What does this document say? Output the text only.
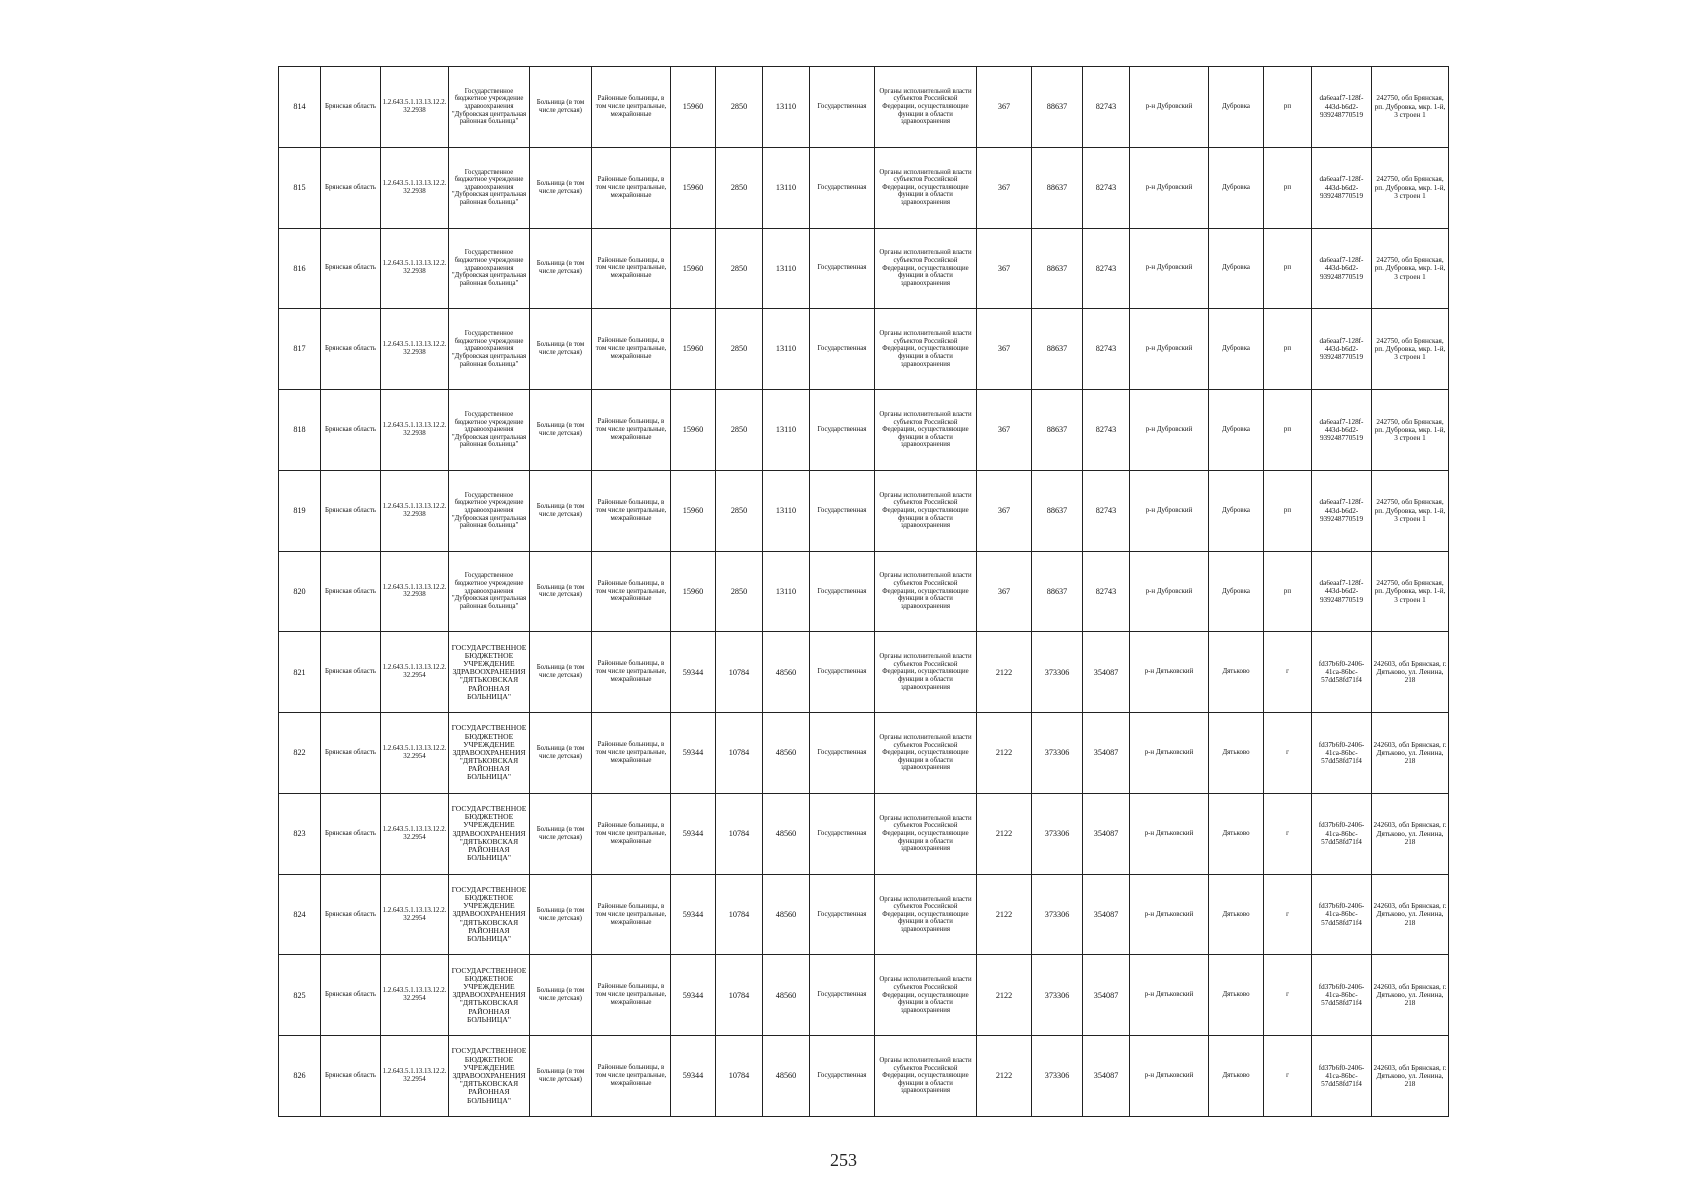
814	Брянская область	1.2.643.5.1.13.13.12.2.32.2938	Государственное бюджетное учреждение здравоохранения "Дубровская центральная районная больница"	Больница (в том числе детская)	Районные больницы, в том числе центральные, межрайонные	15960	2850	13110	Государственная	Органы исполнительной власти субъектов Российской Федерации, осуществляющие функции в области здравоохранения	367	88637	82743	р-н Дубровский	Дубровка	рп	da6eaaf7-128f-443d-b6d2-939248770519	242750, обл Брянская, рп. Дубровка, мкр. 1-й, 3 строен 1
815	Брянская область	1.2.643.5.1.13.13.12.2.32.2938	Государственное бюджетное учреждение здравоохранения "Дубровская центральная районная больница"	Больница (в том числе детская)	Районные больницы, в том числе центральные, межрайонные	15960	2850	13110	Государственная	Органы исполнительной власти субъектов Российской Федерации, осуществляющие функции в области здравоохранения	367	88637	82743	р-н Дубровский	Дубровка	рп	da6eaaf7-128f-443d-b6d2-939248770519	242750, обл Брянская, рп. Дубровка, мкр. 1-й, 3 строен 1
816	Брянская область	1.2.643.5.1.13.13.12.2.32.2938	Государственное бюджетное учреждение здравоохранения "Дубровская центральная районная больница"	Больница (в том числе детская)	Районные больницы, в том числе центральные, межрайонные	15960	2850	13110	Государственная	Органы исполнительной власти субъектов Российской Федерации, осуществляющие функции в области здравоохранения	367	88637	82743	р-н Дубровский	Дубровка	рп	da6eaaf7-128f-443d-b6d2-939248770519	242750, обл Брянская, рп. Дубровка, мкр. 1-й, 3 строен 1
817	Брянская область	1.2.643.5.1.13.13.12.2.32.2938	Государственное бюджетное учреждение здравоохранения "Дубровская центральная районная больница"	Больница (в том числе детская)	Районные больницы, в том числе центральные, межрайонные	15960	2850	13110	Государственная	Органы исполнительной власти субъектов Российской Федерации, осуществляющие функции в области здравоохранения	367	88637	82743	р-н Дубровский	Дубровка	рп	da6eaaf7-128f-443d-b6d2-939248770519	242750, обл Брянская, рп. Дубровка, мкр. 1-й, 3 строен 1
818	Брянская область	1.2.643.5.1.13.13.12.2.32.2938	Государственное бюджетное учреждение здравоохранения "Дубровская центральная районная больница"	Больница (в том числе детская)	Районные больницы, в том числе центральные, межрайонные	15960	2850	13110	Государственная	Органы исполнительной власти субъектов Российской Федерации, осуществляющие функции в области здравоохранения	367	88637	82743	р-н Дубровский	Дубровка	рп	da6eaaf7-128f-443d-b6d2-939248770519	242750, обл Брянская, рп. Дубровка, мкр. 1-й, 3 строен 1
819	Брянская область	1.2.643.5.1.13.13.12.2.32.2938	Государственное бюджетное учреждение здравоохранения "Дубровская центральная районная больница"	Больница (в том числе детская)	Районные больницы, в том числе центральные, межрайонные	15960	2850	13110	Государственная	Органы исполнительной власти субъектов Российской Федерации, осуществляющие функции в области здравоохранения	367	88637	82743	р-н Дубровский	Дубровка	рп	da6eaaf7-128f-443d-b6d2-939248770519	242750, обл Брянская, рп. Дубровка, мкр. 1-й, 3 строен 1
820	Брянская область	1.2.643.5.1.13.13.12.2.32.2938	Государственное бюджетное учреждение здравоохранения "Дубровская центральная районная больница"	Больница (в том числе детская)	Районные больницы, в том числе центральные, межрайонные	15960	2850	13110	Государственная	Органы исполнительной власти субъектов Российской Федерации, осуществляющие функции в области здравоохранения	367	88637	82743	р-н Дубровский	Дубровка	рп	da6eaaf7-128f-443d-b6d2-939248770519	242750, обл Брянская, рп. Дубровка, мкр. 1-й, 3 строен 1
821	Брянская область	1.2.643.5.1.13.13.12.2.32.2954	ГОСУДАРСТВЕННОЕ БЮДЖЕТНОЕ УЧРЕЖДЕНИЕ ЗДРАВООХРАНЕНИЯ "ДЯТЬКОВСКАЯ РАЙОННАЯ БОЛЬНИЦА"	Больница (в том числе детская)	Районные больницы, в том числе центральные, межрайонные	59344	10784	48560	Государственная	Органы исполнительной власти субъектов Российской Федерации, осуществляющие функции в области здравоохранения	2122	373306	354087	р-н Дятьковский	Дятьково	г	fd37b6f0-2406-41ca-86bc-57dd58fd71f4	242603, обл Брянская, г. Дятьково, ул. Ленина, 218
822	Брянская область	1.2.643.5.1.13.13.12.2.32.2954	ГОСУДАРСТВЕННОЕ БЮДЖЕТНОЕ УЧРЕЖДЕНИЕ ЗДРАВООХРАНЕНИЯ "ДЯТЬКОВСКАЯ РАЙОННАЯ БОЛЬНИЦА"	Больница (в том числе детская)	Районные больницы, в том числе центральные, межрайонные	59344	10784	48560	Государственная	Органы исполнительной власти субъектов Российской Федерации, осуществляющие функции в области здравоохранения	2122	373306	354087	р-н Дятьковский	Дятьково	г	fd37b6f0-2406-41ca-86bc-57dd58fd71f4	242603, обл Брянская, г. Дятьково, ул. Ленина, 218
823	Брянская область	1.2.643.5.1.13.13.12.2.32.2954	ГОСУДАРСТВЕННОЕ БЮДЖЕТНОЕ УЧРЕЖДЕНИЕ ЗДРАВООХРАНЕНИЯ "ДЯТЬКОВСКАЯ РАЙОННАЯ БОЛЬНИЦА"	Больница (в том числе детская)	Районные больницы, в том числе центральные, межрайонные	59344	10784	48560	Государственная	Органы исполнительной власти субъектов Российской Федерации, осуществляющие функции в области здравоохранения	2122	373306	354087	р-н Дятьковский	Дятьково	г	fd37b6f0-2406-41ca-86bc-57dd58fd71f4	242603, обл Брянская, г. Дятьково, ул. Ленина, 218
824	Брянская область	1.2.643.5.1.13.13.12.2.32.2954	ГОСУДАРСТВЕННОЕ БЮДЖЕТНОЕ УЧРЕЖДЕНИЕ ЗДРАВООХРАНЕНИЯ "ДЯТЬКОВСКАЯ РАЙОННАЯ БОЛЬНИЦА"	Больница (в том числе детская)	Районные больницы, в том числе центральные, межрайонные	59344	10784	48560	Государственная	Органы исполнительной власти субъектов Российской Федерации, осуществляющие функции в области здравоохранения	2122	373306	354087	р-н Дятьковский	Дятьково	г	fd37b6f0-2406-41ca-86bc-57dd58fd71f4	242603, обл Брянская, г. Дятьково, ул. Ленина, 218
825	Брянская область	1.2.643.5.1.13.13.12.2.32.2954	ГОСУДАРСТВЕННОЕ БЮДЖЕТНОЕ УЧРЕЖДЕНИЕ ЗДРАВООХРАНЕНИЯ "ДЯТЬКОВСКАЯ РАЙОННАЯ БОЛЬНИЦА"	Больница (в том числе детская)	Районные больницы, в том числе центральные, межрайонные	59344	10784	48560	Государственная	Органы исполнительной власти субъектов Российской Федерации, осуществляющие функции в области здравоохранения	2122	373306	354087	р-н Дятьковский	Дятьково	г	fd37b6f0-2406-41ca-86bc-57dd58fd71f4	242603, обл Брянская, г. Дятьково, ул. Ленина, 218
826	Брянская область	1.2.643.5.1.13.13.12.2.32.2954	ГОСУДАРСТВЕННОЕ БЮДЖЕТНОЕ УЧРЕЖДЕНИЕ ЗДРАВООХРАНЕНИЯ "ДЯТЬКОВСКАЯ РАЙОННАЯ БОЛЬНИЦА"	Больница (в том числе детская)	Районные больницы, в том числе центральные, межрайонные	59344	10784	48560	Государственная	Органы исполнительной власти субъектов Российской Федерации, осуществляющие функции в области здравоохранения	2122	373306	354087	р-н Дятьковский	Дятьково	г	fd37b6f0-2406-41ca-86bc-57dd58fd71f4	242603, обл Брянская, г. Дятьково, ул. Ленина, 218
253
